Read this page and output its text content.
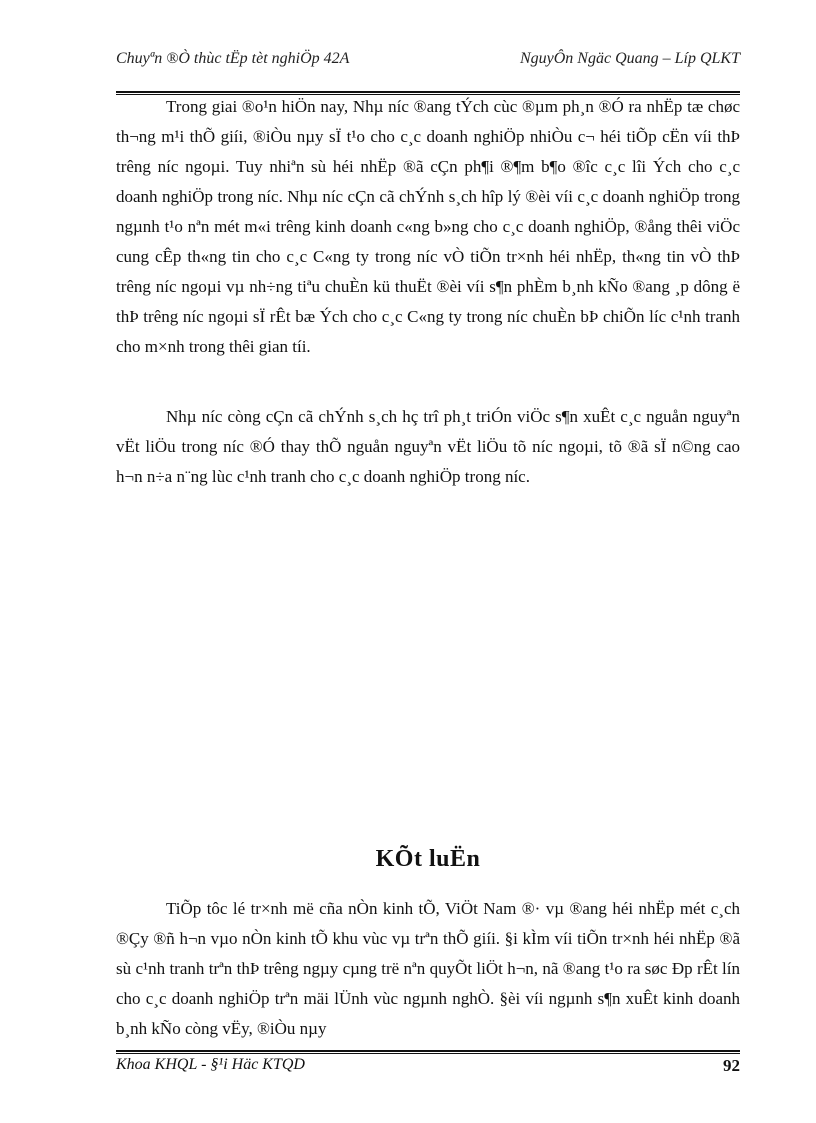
Chuyªn ®Ò thùc tËp tèt nghiÖp 42A	NguyÔn Ngäc Quang – Líp QLKT

Trong giai ®o¹n hiÖn nay, Nhµ níc ®ang tÝch cùc ®µm ph¸n ®Ó ra nhËp tæ chøc th¬ng m¹i thÕ giíi, ®iÒu nµy sÏ t¹o cho c¸c doanh nghiÖp nhiÒu c¬ héi tiÕp cËn víi thÞ trêng níc ngoµi. Tuy nhiªn sù héi nhËp ®ã cÇn ph¶i ®¶m b¶o ®îc c¸c lîi Ých cho c¸c doanh nghiÖp trong níc. Nhµ níc cÇn cã chÝnh s¸ch hîp lý ®èi víi c¸c doanh nghiÖp trong ngµnh t¹o nªn mét m«i trêng kinh doanh c«ng b»ng cho c¸c doanh nghiÖp, ®ång thêi viÖc cung cÊp th«ng tin cho c¸c C«ng ty trong níc vÒ tiÕn tr×nh héi nhËp, th«ng tin vÒ thÞ trêng níc ngoµi vµ nh÷ng tiªu chuÈn kü thuËt ®èi víi s¶n phÈm b¸nh kÑo ®ang ¸p dông ë thÞ trêng níc ngoµi sÏ rÊt bæ Ých cho c¸c C«ng ty trong níc chuÈn bÞ chiÕn líc c¹nh tranh cho m×nh trong thêi gian tíi.

Nhµ níc còng cÇn cã chÝnh s¸ch hç trî ph¸t triÓn viÖc s¶n xuÊt c¸c nguån nguyªn vËt liÖu trong níc ®Ó thay thÕ nguån nguyªn vËt liÖu tõ níc ngoµi, tõ ®ã sÏ n©ng cao h¬n n÷a n¨ng lùc c¹nh tranh cho c¸c doanh nghiÖp trong níc.

KÕt luËn

TiÕp tôc lé tr×nh më cña nÒn kinh tÕ, ViÖt Nam ®· vµ ®ang héi nhËp mét c¸ch ®Çy ®ñ h¬n vµo nÒn kinh tÕ khu vùc vµ trªn thÕ giíi. §i kÌm víi tiÕn tr×nh héi nhËp ®ã sù c¹nh tranh trªn thÞ trêng ngµy cµng trë nªn quyÕt liÖt h¬n, nã ®ang t¹o ra søc Ðp rÊt lín cho c¸c doanh nghiÖp trªn mäi lÜnh vùc ngµnh nghÒ. §èi víi ngµnh s¶n xuÊt kinh doanh b¸nh kÑo còng vËy, ®iÒu nµy

Khoa KHQL - §¹i Häc KTQD	92
